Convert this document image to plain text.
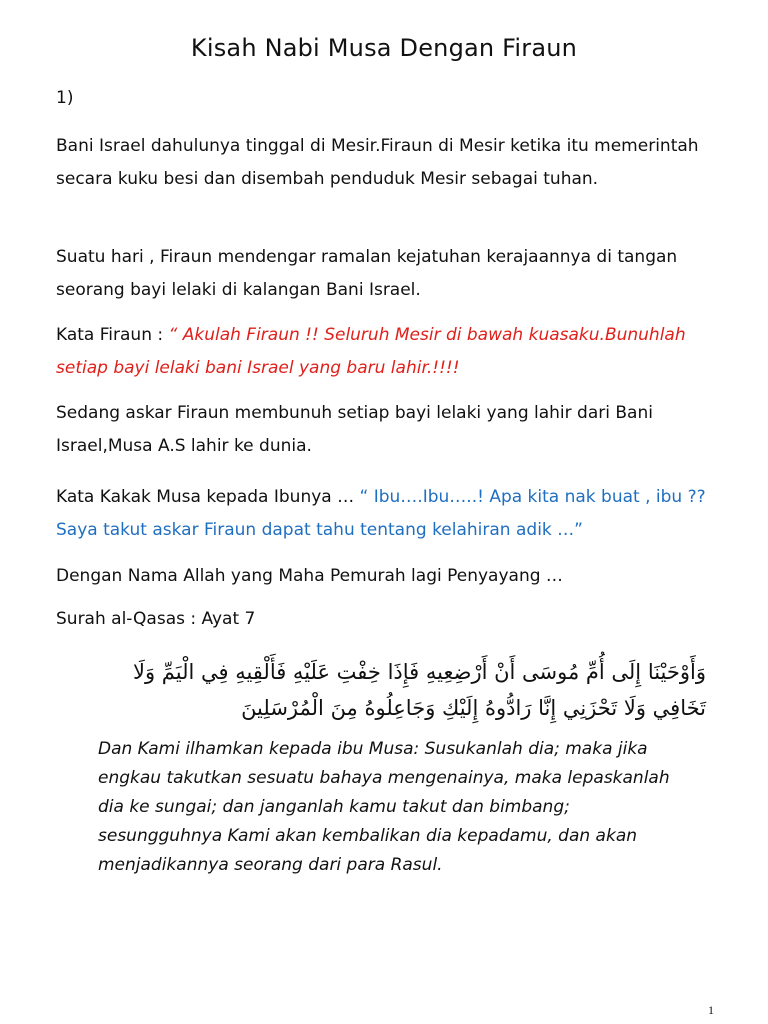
Kisah Nabi Musa Dengan Firaun
1)

Bani Israel dahulunya tinggal di Mesir.Firaun di Mesir ketika itu memerintah secara kuku besi dan disembah penduduk Mesir sebagai tuhan.

Suatu hari , Firaun mendengar ramalan kejatuhan kerajaannya di tangan seorang bayi lelaki di kalangan Bani Israel.

Kata Firaun : “ Akulah Firaun !! Seluruh Mesir di bawah kuasaku.Bunuhlah setiap bayi lelaki bani Israel yang baru lahir.!!!!

Sedang askar Firaun membunuh setiap bayi lelaki yang lahir dari Bani Israel,Musa A.S lahir ke dunia.

Kata Kakak Musa kepada Ibunya … “ Ibu….Ibu…..! Apa kita nak buat , ibu ?? Saya takut askar Firaun dapat tahu tentang kelahiran adik …”

Dengan Nama Allah yang Maha Pemurah lagi Penyayang …

Surah al-Qasas : Ayat 7

وَأَوْحَيْنَا إِلَى أُمِّ مُوسَى أَنْ أَرْضِعِيهِ فَإِذَا خِفْتِ عَلَيْهِ فَأَلْقِيهِ فِي الْيَمِّ وَلَا تَخَافِي وَلَا تَحْزَنِي إِنَّا رَادُّوهُ إِلَيْكِ وَجَاعِلُوهُ مِنَ الْمُرْسَلِينَ
Dan Kami ilhamkan kepada ibu Musa: Susukanlah dia; maka jika engkau takutkan sesuatu bahaya mengenainya, maka lepaskanlah dia ke sungai; dan janganlah kamu takut dan bimbang; sesungguhnya Kami akan kembalikan dia kepadamu, dan akan menjadikannya seorang dari para Rasul.
1
